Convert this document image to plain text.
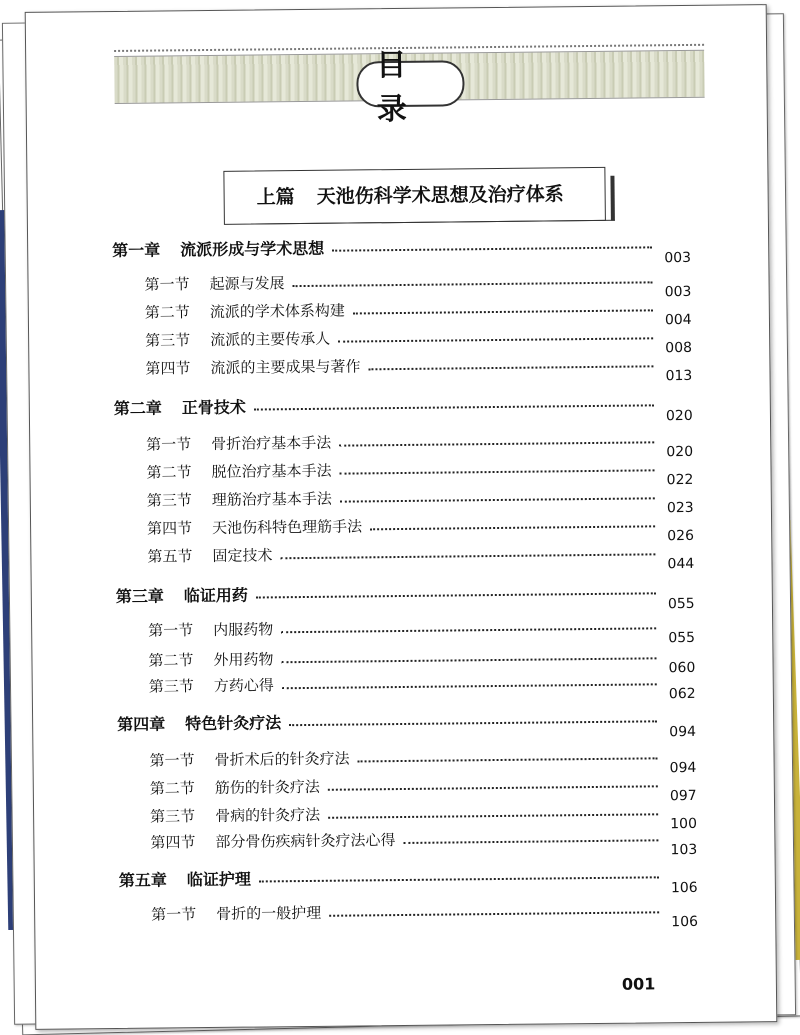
目 录
上篇 天池伤科学术思想及治疗体系
第一章 流派形成与学术思想	003
第一节 起源与发展	003
第二节 流派的学术体系构建	004
第三节 流派的主要传承人	008
第四节 流派的主要成果与著作	013
第二章 正骨技术	020
第一节 骨折治疗基本手法	020
第二节 脱位治疗基本手法	022
第三节 理筋治疗基本手法	023
第四节 天池伤科特色理筋手法	026
第五节 固定技术	044
第三章 临证用药	055
第一节 内服药物	055
第二节 外用药物	060
第三节 方药心得	062
第四章 特色针灸疗法	094
第一节 骨折术后的针灸疗法	094
第二节 筋伤的针灸疗法	097
第三节 骨病的针灸疗法	100
第四节 部分骨伤疾病针灸疗法心得	103
第五章 临证护理	106
第一节 骨折的一般护理	106
001
